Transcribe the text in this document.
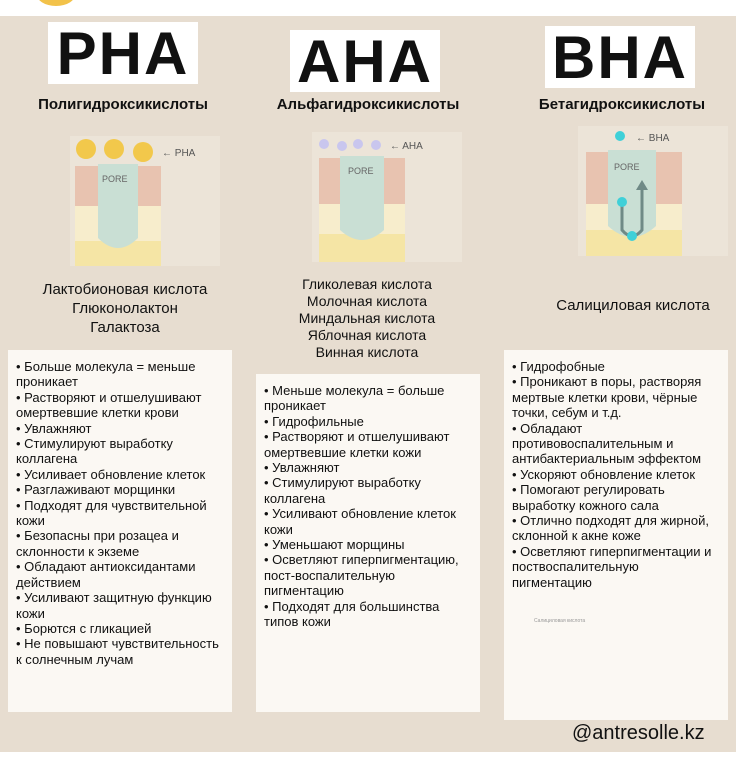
PHA AHA BHA
Полигидроксикислоты	Альфагидроксикислоты	Бетагидроксикислоты
← PHA
PORE
← AHA
PORE
← BHA
PORE
Лактобионовая кислота
Глюконолактон
Галактоза
Гликолевая кислота
Молочная кислота
Миндальная кислота
Яблочная кислота
Винная кислота
Салициловая кислота
• Больше молекула = меньше проникает
• Растворяют и отшелушивают омертвевшие клетки крови
• Увлажняют
• Стимулируют выработку коллагена
• Усиливает обновление клеток
• Разглаживают морщинки
• Подходят для чувствительной кожи
• Безопасны при розацеа и склонности к экземе
• Обладают антиоксидантами действием
• Усиливают защитную функцию кожи
• Борются с гликацией
• Не повышают чувствительность к солнечным лучам
• Меньше молекула = больше проникает
• Гидрофильные
• Растворяют и отшелушивают омертвевшие клетки кожи
• Увлажняют
• Стимулируют выработку коллагена
• Усиливают обновление клеток кожи
• Уменьшают морщины
• Осветляют гиперпигментацию, пост-воспалительную пигментацию
• Подходят для большинства типов кожи
• Гидрофобные
• Проникают в поры, растворяя мертвые клетки крови, чёрные точки, себум и т.д.
• Обладают противовоспалительным и антибактериальным эффектом
• Ускоряют обновление клеток
• Помогают регулировать выработку кожного сала
• Отлично подходят для жирной, склонной к акне коже
• Осветляют гиперпигментации и поствоспалительную пигментацию
Салициловая кислота
@antresolle.kz
